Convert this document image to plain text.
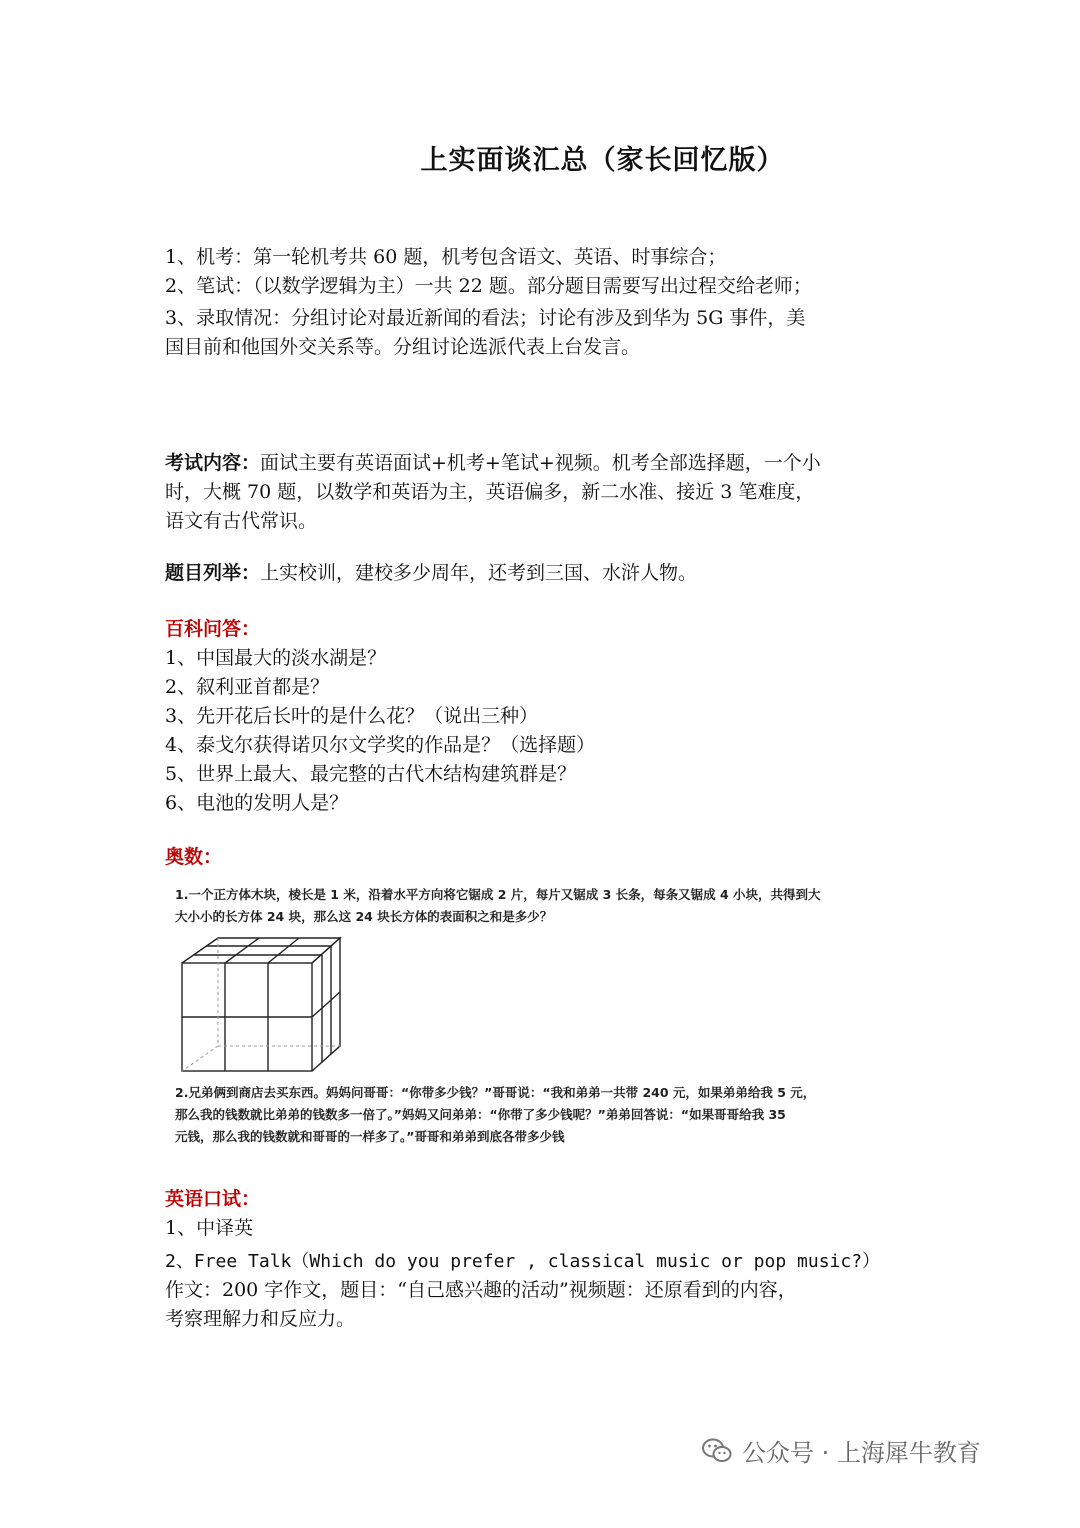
上实面谈汇总（家长回忆版）
1、机考：第一轮机考共 60 题，机考包含语文、英语、时事综合；
2、笔试：（以数学逻辑为主）一共 22 题。部分题目需要写出过程交给老师；
3、录取情况：分组讨论对最近新闻的看法；讨论有涉及到华为 5G 事件，美
国目前和他国外交关系等。分组讨论选派代表上台发言。
考试内容：面试主要有英语面试+机考+笔试+视频。机考全部选择题，一个小
时，大概 70 题，以数学和英语为主，英语偏多，新二水准、接近 3 笔难度，
语文有古代常识。
题目列举：上实校训，建校多少周年，还考到三国、水浒人物。
百科问答：
1、中国最大的淡水湖是？
2、叙利亚首都是？
3、先开花后长叶的是什么花？（说出三种）
4、泰戈尔获得诺贝尔文学奖的作品是？（选择题）
5、世界上最大、最完整的古代木结构建筑群是？
6、电池的发明人是？
奥数：
1.一个正方体木块，棱长是 1 米，沿着水平方向将它锯成 2 片，每片又锯成 3 长条，每条又锯成 4 小块，共得到大
大小小的长方体 24 块，那么这 24 块长方体的表面积之和是多少？
2.兄弟俩到商店去买东西。妈妈问哥哥：“你带多少钱？”哥哥说：“我和弟弟一共带 240 元，如果弟弟给我 5 元，
那么我的钱数就比弟弟的钱数多一倍了。”妈妈又问弟弟：“你带了多少钱呢？”弟弟回答说：“如果哥哥给我 35
元钱，那么我的钱数就和哥哥的一样多了。”哥哥和弟弟到底各带多少钱
英语口试：
1、中译英
2、Free Talk（Which do you prefer , classical music or pop music?）
作文：200 字作文，题目：“自己感兴趣的活动”视频题：还原看到的内容，
考察理解力和反应力。
公众号 · 上海犀牛教育
